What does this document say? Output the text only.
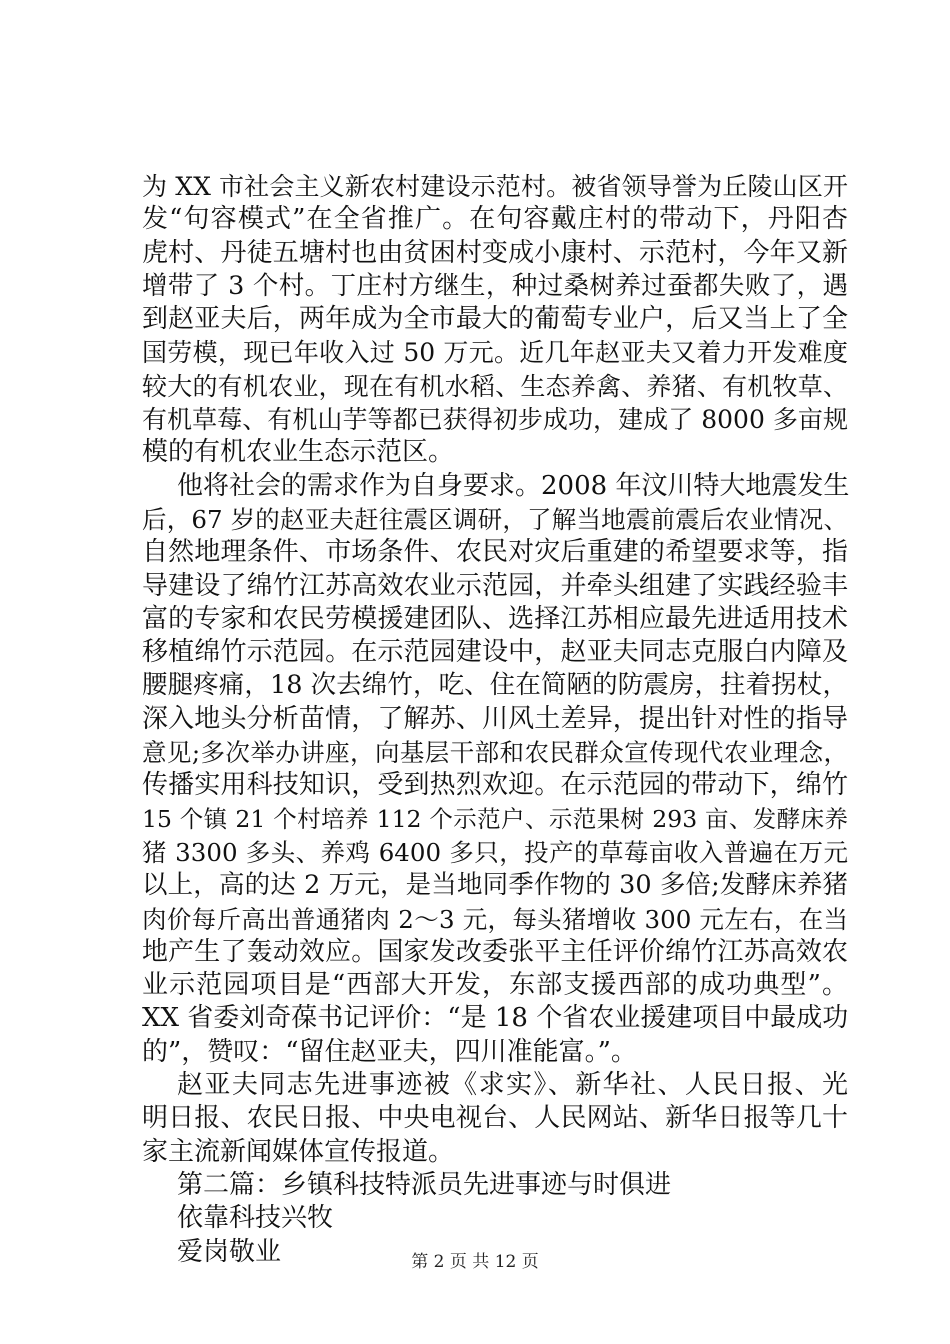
为 XX 市社会主义新农村建设示范村。被省领导誉为丘陵山区开
发“句容模式”在全省推广。在句容戴庄村的带动下，丹阳杏
虎村、丹徒五塘村也由贫困村变成小康村、示范村，今年又新
增带了 3 个村。丁庄村方继生，种过桑树养过蚕都失败了，遇
到赵亚夫后，两年成为全市最大的葡萄专业户，后又当上了全
国劳模，现已年收入过 50 万元。近几年赵亚夫又着力开发难度
较大的有机农业，现在有机水稻、生态养禽、养猪、有机牧草、
有机草莓、有机山芋等都已获得初步成功，建成了 8000 多亩规
模的有机农业生态示范区。
他将社会的需求作为自身要求。2008 年汶川特大地震发生
后，67 岁的赵亚夫赶往震区调研，了解当地震前震后农业情况、
自然地理条件、市场条件、农民对灾后重建的希望要求等，指
导建设了绵竹江苏高效农业示范园，并牵头组建了实践经验丰
富的专家和农民劳模援建团队、选择江苏相应最先进适用技术
移植绵竹示范园。在示范园建设中，赵亚夫同志克服白内障及
腰腿疼痛，18 次去绵竹，吃、住在简陋的防震房，拄着拐杖，
深入地头分析苗情，了解苏、川风土差异，提出针对性的指导
意见;多次举办讲座，向基层干部和农民群众宣传现代农业理念，
传播实用科技知识，受到热烈欢迎。在示范园的带动下，绵竹
15 个镇 21 个村培养 112 个示范户、示范果树 293 亩、发酵床养
猪 3300 多头、养鸡 6400 多只，投产的草莓亩收入普遍在万元
以上，高的达 2 万元，是当地同季作物的 30 多倍;发酵床养猪
肉价每斤高出普通猪肉 2～3 元，每头猪增收 300 元左右，在当
地产生了轰动效应。国家发改委张平主任评价绵竹江苏高效农
业示范园项目是“西部大开发，东部支援西部的成功典型”。
XX 省委刘奇葆书记评价：“是 18 个省农业援建项目中最成功
的”，赞叹：“留住赵亚夫，四川准能富。”。
赵亚夫同志先进事迹被《求实》、新华社、人民日报、光
明日报、农民日报、中央电视台、人民网站、新华日报等几十
家主流新闻媒体宣传报道。
第二篇：乡镇科技特派员先进事迹与时俱进
依靠科技兴牧
爱岗敬业	第 2 页 共 12 页
